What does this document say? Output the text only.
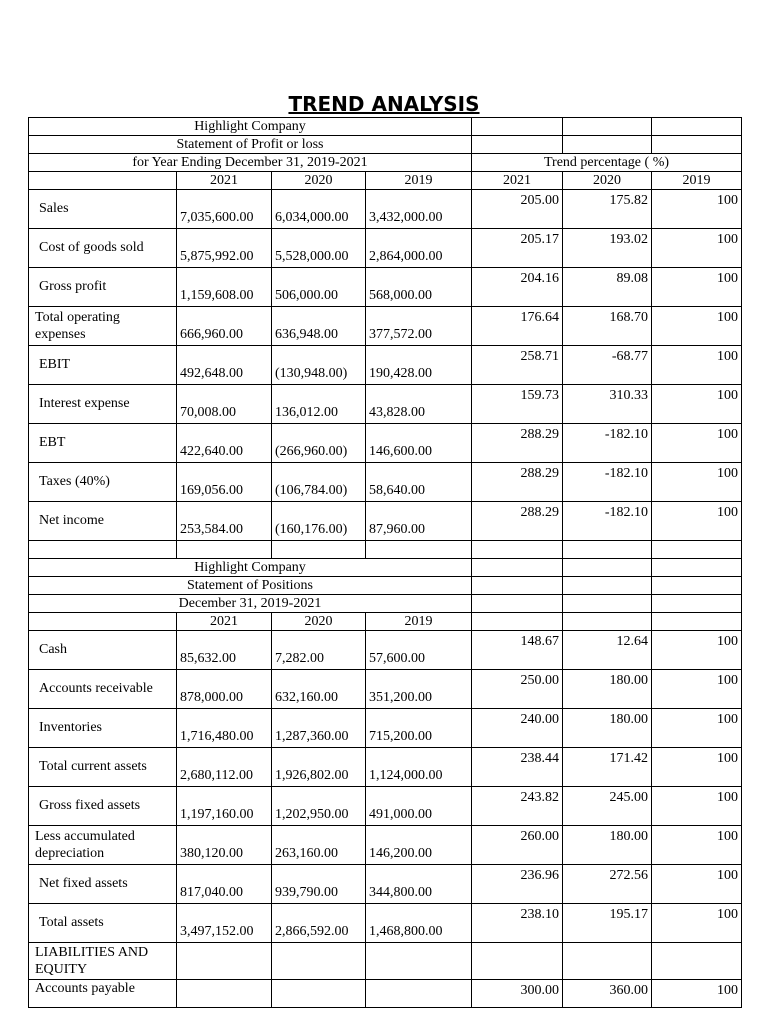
TREND ANALYSIS
Highlight Company						
Statement of Profit or loss						
for Year Ending December 31, 2019-2021				Trend percentage ( %)		
	2021	2020	2019	2021	2020	2019
Sales	7,035,600.00	6,034,000.00	3,432,000.00	205.00	175.82	100
Cost of goods sold	5,875,992.00	5,528,000.00	2,864,000.00	205.17	193.02	100
Gross profit	1,159,608.00	506,000.00	568,000.00	204.16	89.08	100
Total operating expenses	666,960.00	636,948.00	377,572.00	176.64	168.70	100
EBIT	492,648.00	(130,948.00)	190,428.00	258.71	-68.77	100
Interest expense	70,008.00	136,012.00	43,828.00	159.73	310.33	100
EBT	422,640.00	(266,960.00)	146,600.00	288.29	-182.10	100
Taxes (40%)	169,056.00	(106,784.00)	58,640.00	288.29	-182.10	100
Net income	253,584.00	(160,176.00)	87,960.00	288.29	-182.10	100

Highlight Company						
Statement of Positions						
December 31, 2019-2021						
	2021	2020	2019			
Cash	85,632.00	7,282.00	57,600.00	148.67	12.64	100
Accounts receivable	878,000.00	632,160.00	351,200.00	250.00	180.00	100
Inventories	1,716,480.00	1,287,360.00	715,200.00	240.00	180.00	100
Total current assets	2,680,112.00	1,926,802.00	1,124,000.00	238.44	171.42	100
Gross fixed assets	1,197,160.00	1,202,950.00	491,000.00	243.82	245.00	100
Less accumulated depreciation	380,120.00	263,160.00	146,200.00	260.00	180.00	100
Net fixed assets	817,040.00	939,790.00	344,800.00	236.96	272.56	100
Total assets	3,497,152.00	2,866,592.00	1,468,800.00	238.10	195.17	100
LIABILITIES AND EQUITY						
Accounts payable				300.00	360.00	100
